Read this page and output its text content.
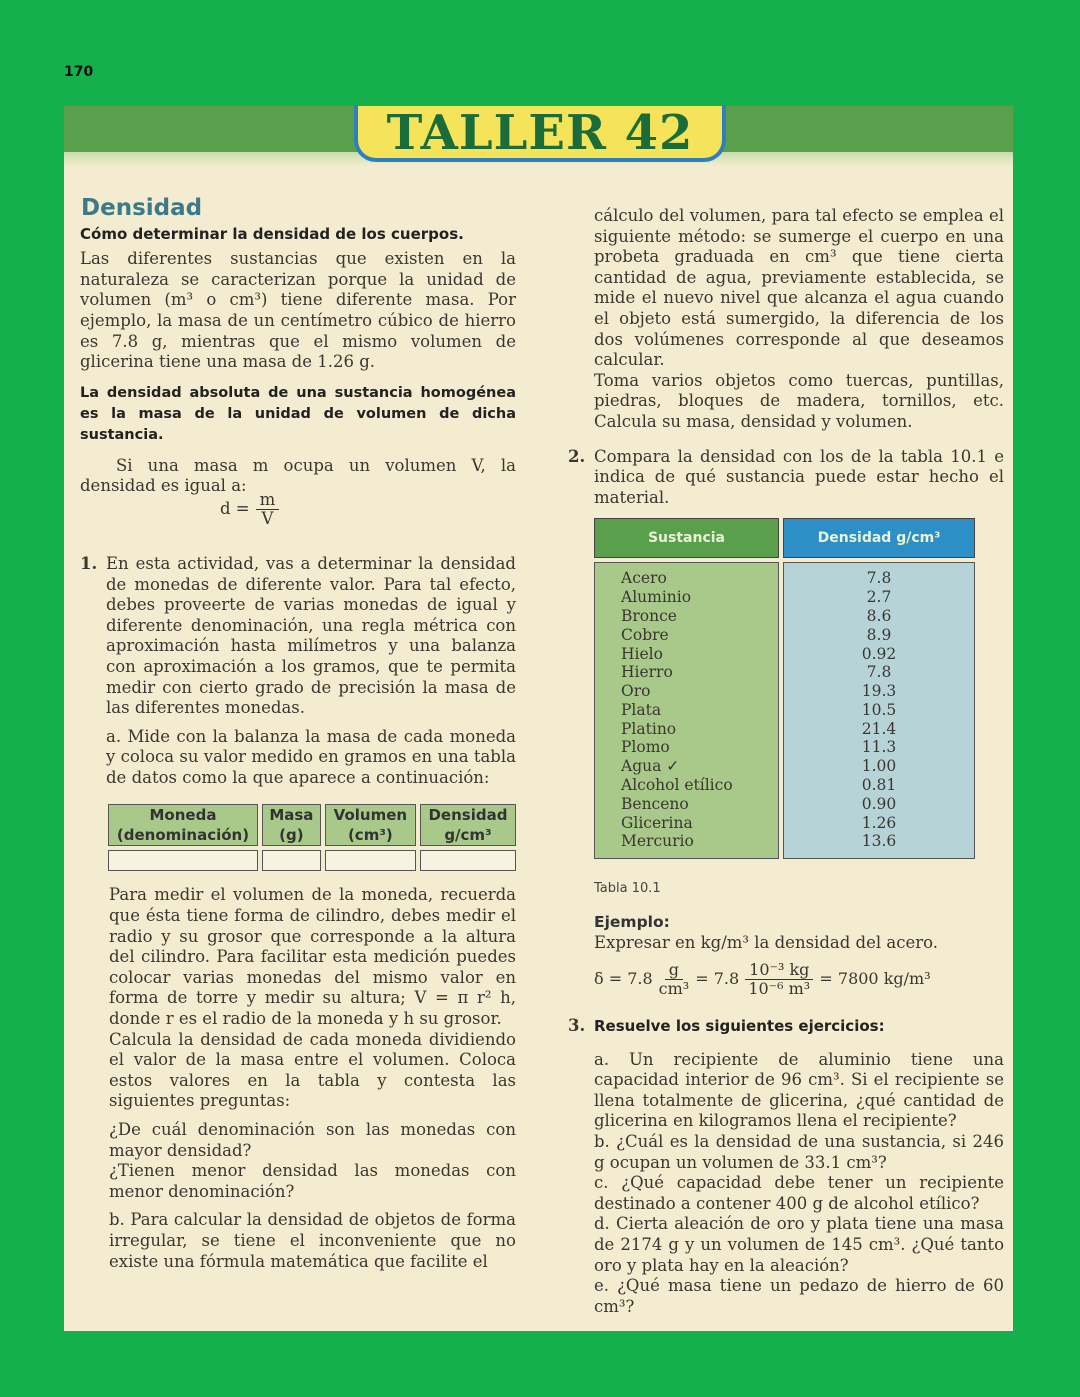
170
TALLER 42
Densidad
Cómo determinar la densidad de los cuerpos.

Las diferentes sustancias que existen en la naturaleza se caracterizan porque la unidad de volumen (m³ o cm³) tiene diferente masa. Por ejemplo, la masa de un centímetro cúbico de hierro es 7.8 g, mientras que el mismo volumen de glicerina tiene una masa de 1.26 g.

La densidad absoluta de una sustancia homogénea es la masa de la unidad de volumen de dicha sustancia.

Si una masa m ocupa un volumen V, la densidad es igual a:

$d = \frac{m}{V}$
1. En esta actividad, vas a determinar la densidad de monedas de diferente valor. Para tal efecto, debes proveerte de varias monedas de igual y diferente denominación, una regla métrica con aproximación hasta milímetros y una balanza con aproximación a los gramos, que te permita medir con cierto grado de precisión la masa de las diferentes monedas.

a. Mide con la balanza la masa de cada moneda y coloca su valor medido en gramos en una tabla de datos como la que aparece a continuación:

Moneda (denominación)
Masa (g)
Volumen (cm³)
Densidad g/cm³

Para medir el volumen de la moneda, recuerda que ésta tiene forma de cilindro, debes medir el radio y su grosor que corresponde a la altura del cilindro. Para facilitar esta medición puedes colocar varias monedas del mismo valor en forma de torre y medir su altura; V = π r² h, donde r es el radio de la moneda y h su grosor.

Calcula la densidad de cada moneda dividiendo el valor de la masa entre el volumen. Coloca estos valores en la tabla y contesta las siguientes preguntas:

¿De cuál denominación son las monedas con mayor densidad?

¿Tienen menor densidad las monedas con menor denominación?

b. Para calcular la densidad de objetos de forma irregular, se tiene el inconveniente que no existe una fórmula matemática que facilite el

cálculo del volumen, para tal efecto se emplea el siguiente método: se sumerge el cuerpo en una probeta graduada en cm³ que tiene cierta cantidad de agua, previamente establecida, se mide el nuevo nivel que alcanza el agua cuando el objeto está sumergido, la diferencia de los dos volúmenes corresponde al que deseamos calcular.

Toma varios objetos como tuercas, puntillas, piedras, bloques de madera, tornillos, etc. Calcula su masa, densidad y volumen.

2. Compara la densidad con los de la tabla 10.1 e indica de qué sustancia puede estar hecho el material.

Sustancia
Acero
Aluminio
Bronce
Cobre
Hielo
Hierro
Oro
Plata
Platino
Plomo
Agua ✓
Alcohol etílico
Benceno
Glicerina
Mercurio
Densidad g/cm³
7.8
2.7
8.6
8.9
0.92
7.8
19.3
10.5
21.4
11.3
1.00
0.81
0.90
1.26
13.6
Tabla 10.1
Ejemplo:

Expresar en kg/m³ la densidad del acero.

$\delta = 7.8 \frac{g}{\text{cm³}} = 7.8 \frac{\text{10⁻³ kg}}{\text{10⁻⁶ m³}} = 7800$ kg/m³
3. Resuelve los siguientes ejercicios:

a. Un recipiente de aluminio tiene una capacidad interior de 96 cm³. Si el recipiente se llena totalmente de glicerina, ¿qué cantidad de glicerina en kilogramos llena el recipiente?

b. ¿Cuál es la densidad de una sustancia, si 246 g ocupan un volumen de 33.1 cm³?

c. ¿Qué capacidad debe tener un recipiente destinado a contener 400 g de alcohol etílico?

d. Cierta aleación de oro y plata tiene una masa de 2174 g y un volumen de 145 cm³. ¿Qué tanto oro y plata hay en la aleación?

e. ¿Qué masa tiene un pedazo de hierro de 60 cm³?
